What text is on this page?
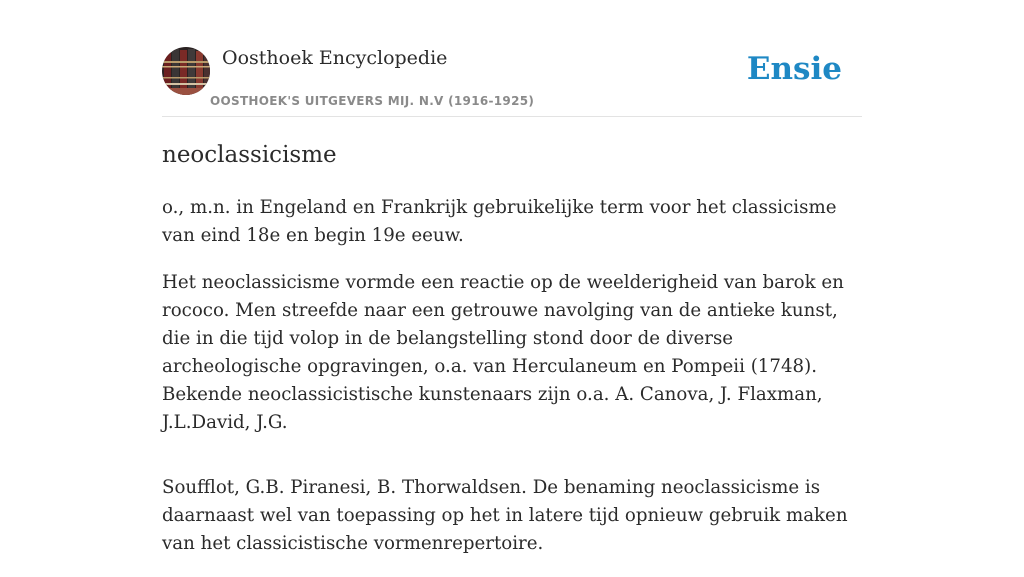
Oosthoek Encyclopedie
OOSTHOEK'S UITGEVERS MIJ. N.V (1916-1925)
Ensie
neoclassicisme

o., m.n. in Engeland en Frankrijk gebruikelijke term voor het classicisme van eind 18e en begin 19e eeuw.

Het neoclassicisme vormde een reactie op de weelderigheid van barok en rococo. Men streefde naar een getrouwe navolging van de antieke kunst, die in die tijd volop in de belangstelling stond door de diverse archeologische opgravingen, o.a. van Herculaneum en Pompeii (1748). Bekende neoclassicistische kunstenaars zijn o.a. A. Canova, J. Flaxman, J.L.David, J.G.

Soufflot, G.B. Piranesi, B. Thorwaldsen. De benaming neoclassicisme is daarnaast wel van toepassing op het in latere tijd opnieuw gebruik maken van het classicistische vormenrepertoire.
